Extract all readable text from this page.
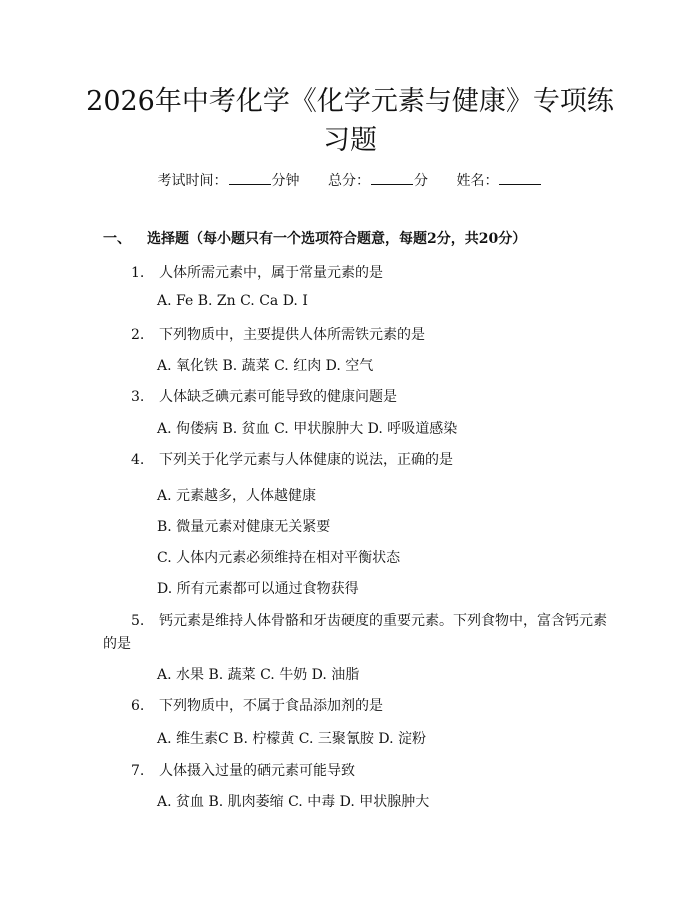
2026年中考化学《化学元素与健康》专项练习题
考试时间：	分钟 总分：	分 姓名：
一、 选择题（每小题只有一个选项符合题意，每题2分，共20分）
1. 人体所需元素中，属于常量元素的是
A. Fe B. Zn C. Ca D. I
2. 下列物质中，主要提供人体所需铁元素的是
A. 氧化铁 B. 蔬菜 C. 红肉 D. 空气
3. 人体缺乏碘元素可能导致的健康问题是
A. 佝偻病 B. 贫血 C. 甲状腺肿大 D. 呼吸道感染
4. 下列关于化学元素与人体健康的说法，正确的是
A. 元素越多，人体越健康
B. 微量元素对健康无关紧要
C. 人体内元素必须维持在相对平衡状态
D. 所有元素都可以通过食物获得
5. 钙元素是维持人体骨骼和牙齿硬度的重要元素。下列食物中，富含钙元素
的是
A. 水果 B. 蔬菜 C. 牛奶 D. 油脂
6. 下列物质中，不属于食品添加剂的是
A. 维生素C B. 柠檬黄 C. 三聚氰胺 D. 淀粉
7. 人体摄入过量的硒元素可能导致
A. 贫血 B. 肌肉萎缩 C. 中毒 D. 甲状腺肿大
